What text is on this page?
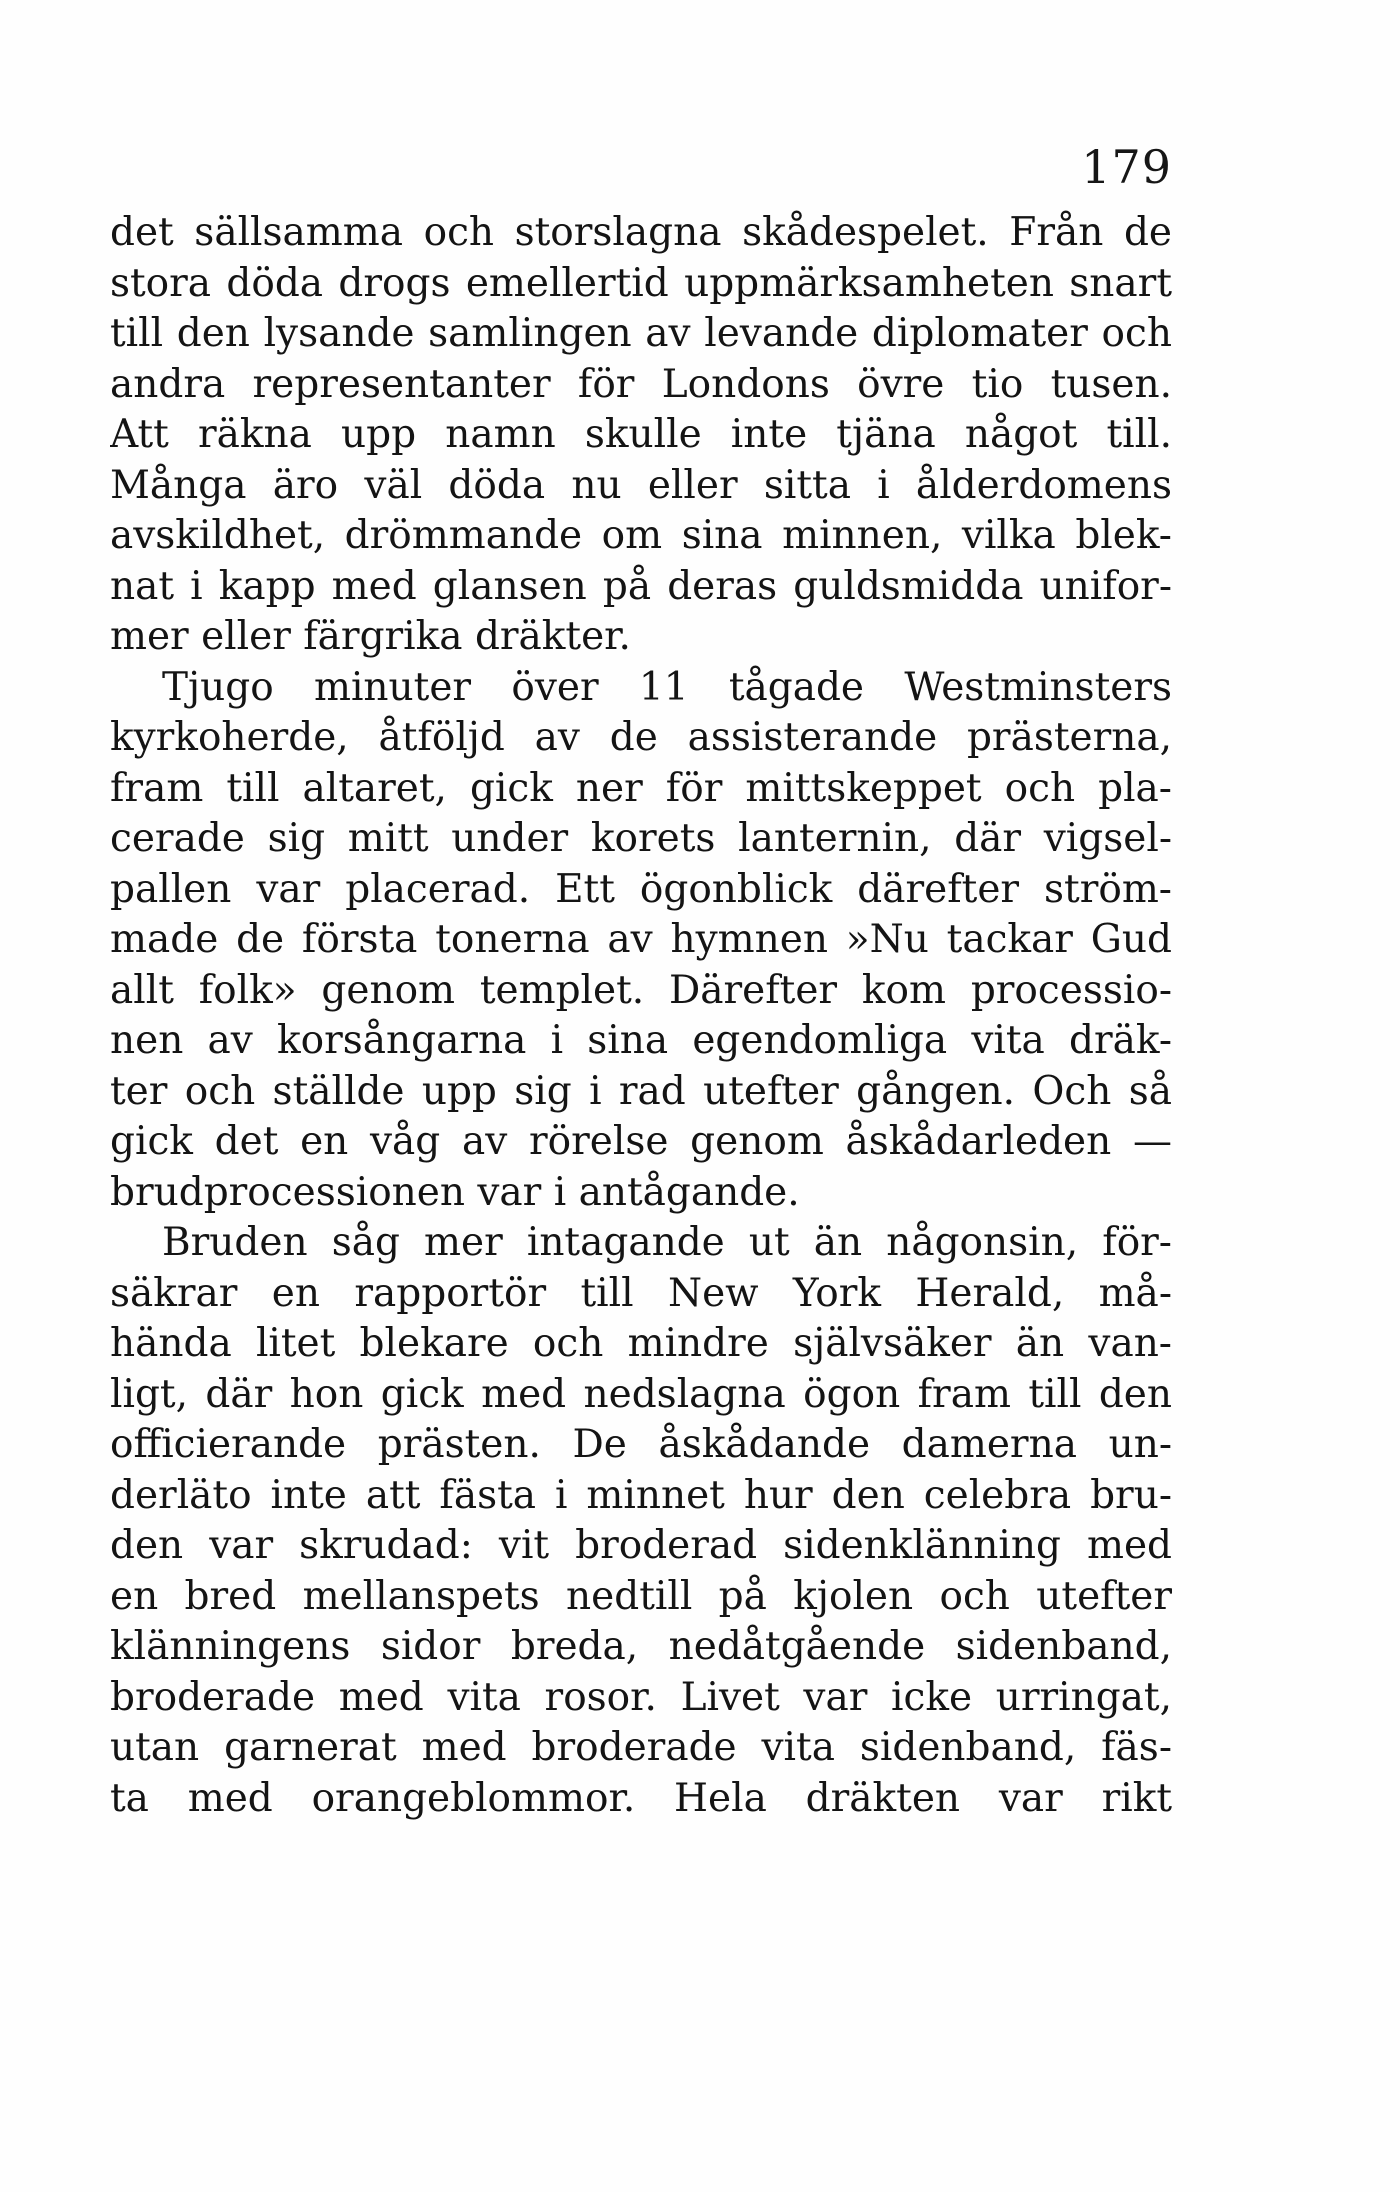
179
det sällsamma och storslagna skådespelet. Från de
stora döda drogs emellertid uppmärksamheten snart
till den lysande samlingen av levande diplomater och
andra representanter för Londons övre tio tusen.
Att räkna upp namn skulle inte tjäna något till.
Många äro väl döda nu eller sitta i ålderdomens
avskildhet, drömmande om sina minnen, vilka blek-
nat i kapp med glansen på deras guldsmidda unifor-
mer eller färgrika dräkter.
Tjugo minuter över 11 tågade Westminsters
kyrkoherde, åtföljd av de assisterande prästerna,
fram till altaret, gick ner för mittskeppet och pla-
cerade sig mitt under korets lanternin, där vigsel-
pallen var placerad. Ett ögonblick därefter ström-
made de första tonerna av hymnen »Nu tackar Gud
allt folk» genom templet. Därefter kom processio-
nen av korsångarna i sina egendomliga vita dräk-
ter och ställde upp sig i rad utefter gången. Och så
gick det en våg av rörelse genom åskådarleden —
brudprocessionen var i antågande.
Bruden såg mer intagande ut än någonsin, för-
säkrar en rapportör till New York Herald, må-
hända litet blekare och mindre självsäker än van-
ligt, där hon gick med nedslagna ögon fram till den
officierande prästen. De åskådande damerna un-
derläto inte att fästa i minnet hur den celebra bru-
den var skrudad: vit broderad sidenklänning med
en bred mellanspets nedtill på kjolen och utefter
klänningens sidor breda, nedåtgående sidenband,
broderade med vita rosor. Livet var icke urringat,
utan garnerat med broderade vita sidenband, fäs-
ta med orangeblommor. Hela dräkten var rikt
